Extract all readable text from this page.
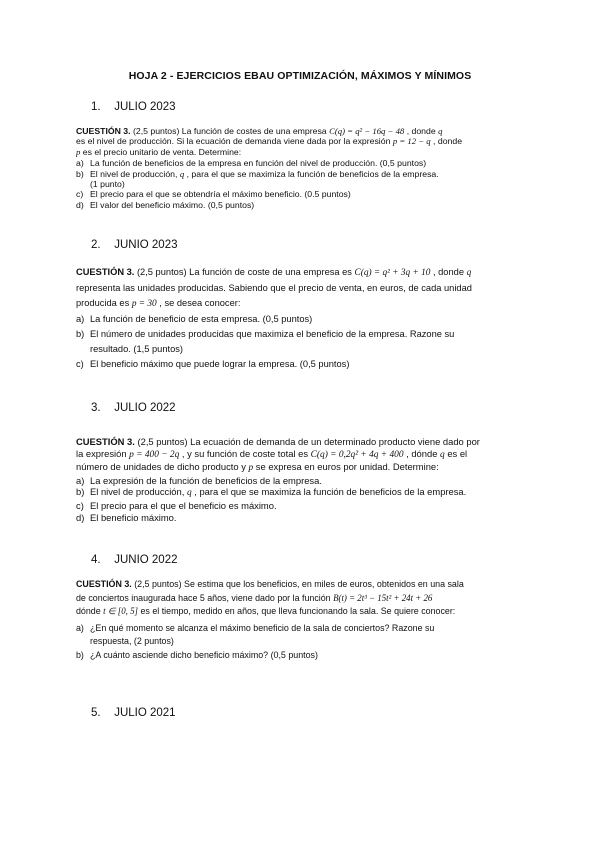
HOJA 2 - EJERCICIOS EBAU OPTIMIZACIÓN, MÁXIMOS Y MÍNIMOS
1. JULIO 2023
CUESTIÓN 3. (2,5 puntos) La función de costes de una empresa C(q) = q² − 16q − 48 , donde q
es el nivel de producción. Si la ecuación de demanda viene dada por la expresión p = 12 − q , donde
p es el precio unitario de venta. Determine:
a) La función de beneficios de la empresa en función del nivel de producción. (0,5 puntos)
b) El nivel de producción, q , para el que se maximiza la función de beneficios de la empresa.
(1 punto)
c) El precio para el que se obtendría el máximo beneficio. (0.5 puntos)
d) El valor del beneficio máximo. (0,5 puntos)
2. JUNIO 2023
CUESTIÓN 3. (2,5 puntos) La función de coste de una empresa es C(q) = q² + 3q + 10 , donde q
representa las unidades producidas. Sabiendo que el precio de venta, en euros, de cada unidad
producida es p = 30 , se desea conocer:
a) La función de beneficio de esta empresa. (0,5 puntos)
b) El número de unidades producidas que maximiza el beneficio de la empresa. Razone su
resultado. (1,5 puntos)
c) El beneficio máximo que puede lograr la empresa. (0,5 puntos)
3. JULIO 2022
CUESTIÓN 3. (2,5 puntos) La ecuación de demanda de un determinado producto viene dado por
la expresión p = 400 − 2q , y su función de coste total es C(q) = 0,2q² + 4q + 400 , dónde q es el
número de unidades de dicho producto y p se expresa en euros por unidad. Determine:
a) La expresión de la función de beneficios de la empresa.
b) El nivel de producción, q , para el que se maximiza la función de beneficios de la empresa.
c) El precio para el que el beneficio es máximo.
d) El beneficio máximo.
4. JUNIO 2022
CUESTIÓN 3. (2,5 puntos) Se estima que los beneficios, en miles de euros, obtenidos en una sala
de conciertos inaugurada hace 5 años, viene dado por la función B(t) = 2t³ − 15t² + 24t + 26
dónde t ∈ [0, 5] es el tiempo, medido en años, que lleva funcionando la sala. Se quiere conocer:
a) ¿En qué momento se alcanza el máximo beneficio de la sala de conciertos? Razone su
respuesta, (2 puntos)
b) ¿A cuánto asciende dicho beneficio máximo? (0,5 puntos)
5. JULIO 2021
